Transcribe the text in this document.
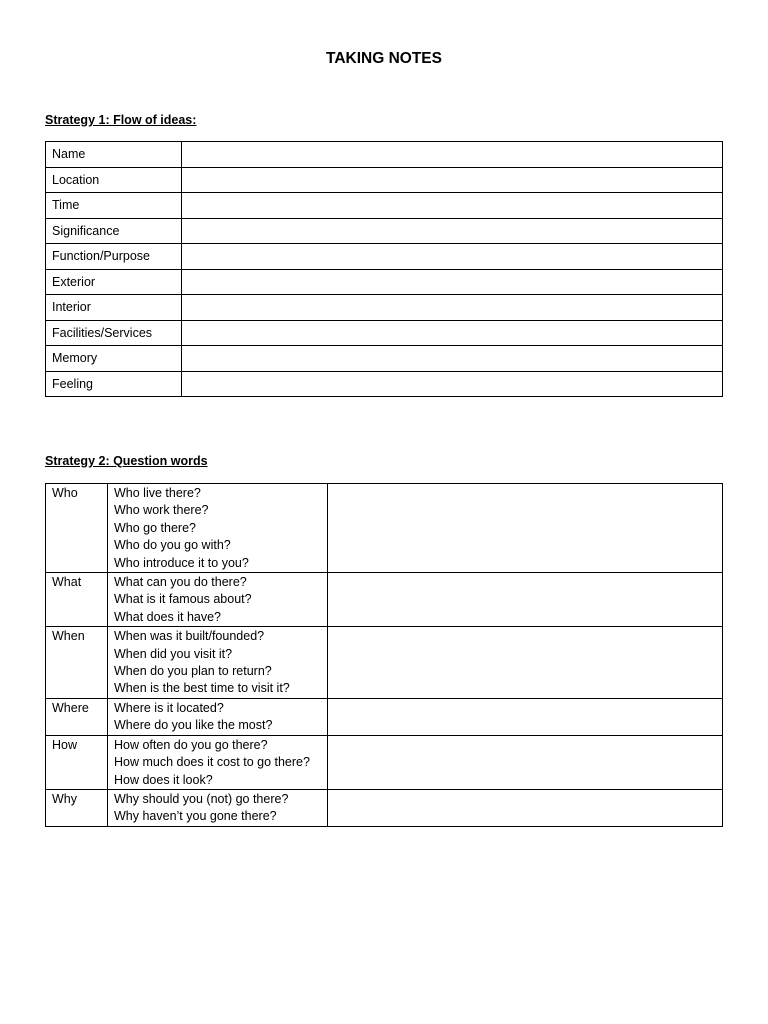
TAKING NOTES
Strategy 1: Flow of ideas:
Name	
Location	
Time	
Significance	
Function/Purpose	
Exterior	
Interior	
Facilities/Services	
Memory	
Feeling	
Strategy 2: Question words
Who	Who live there?
Who work there?
Who go there?
Who do you go with?
Who introduce it to you?	

What	What can you do there?
What is it famous about?
What does it have?	

When	When was it built/founded?
When did you visit it?
When do you plan to return?
When is the best time to visit it?	

Where	Where is it located?
Where do you like the most?	

How	How often do you go there?
How much does it cost to go there?
How does it look?	

Why	Why should you (not) go there?
Why haven’t you gone there?	
